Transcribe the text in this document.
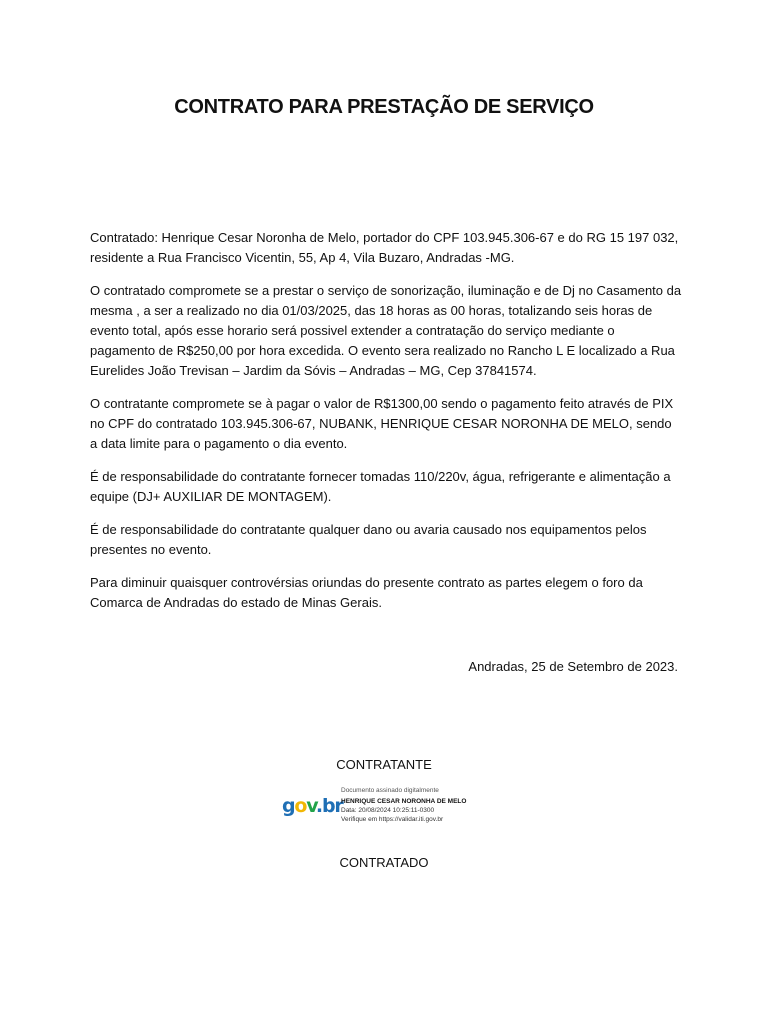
CONTRATO PARA PRESTAÇÃO DE SERVIÇO

Contratado: Henrique Cesar Noronha de Melo, portador do CPF 103.945.306-67 e do RG 15 197 032, residente a Rua Francisco Vicentin, 55, Ap 4, Vila Buzaro, Andradas -MG.

O contratado compromete se a prestar o serviço de sonorização, iluminação e de Dj no Casamento da mesma , a ser a realizado no dia 01/03/2025, das 18 horas as 00 horas, totalizando seis horas de evento total, após esse horario será possivel extender a contratação do serviço mediante o pagamento de R$250,00 por hora excedida. O evento sera realizado no Rancho L E localizado a Rua Eurelides João Trevisan – Jardim da Sóvis – Andradas – MG, Cep 37841574.

O contratante compromete se à pagar o valor de R$1300,00 sendo o pagamento feito através de PIX no CPF do contratado 103.945.306-67, NUBANK, HENRIQUE CESAR NORONHA DE MELO, sendo a data limite para o pagamento o dia evento.

É de responsabilidade do contratante fornecer tomadas 110/220v, água, refrigerante e alimentação a equipe (DJ+ AUXILIAR DE MONTAGEM).

É de responsabilidade do contratante qualquer dano ou avaria causado nos equipamentos pelos presentes no evento.

Para diminuir quaisquer controvérsias oriundas do presente contrato as partes elegem o foro da Comarca de Andradas do estado de Minas Gerais.

Andradas, 25 de Setembro de 2023.
CONTRATANTE
gov.br
Documento assinado digitalmente
HENRIQUE CESAR NORONHA DE MELO
Data: 20/08/2024 10:25:11-0300
Verifique em https://validar.iti.gov.br
CONTRATADO
